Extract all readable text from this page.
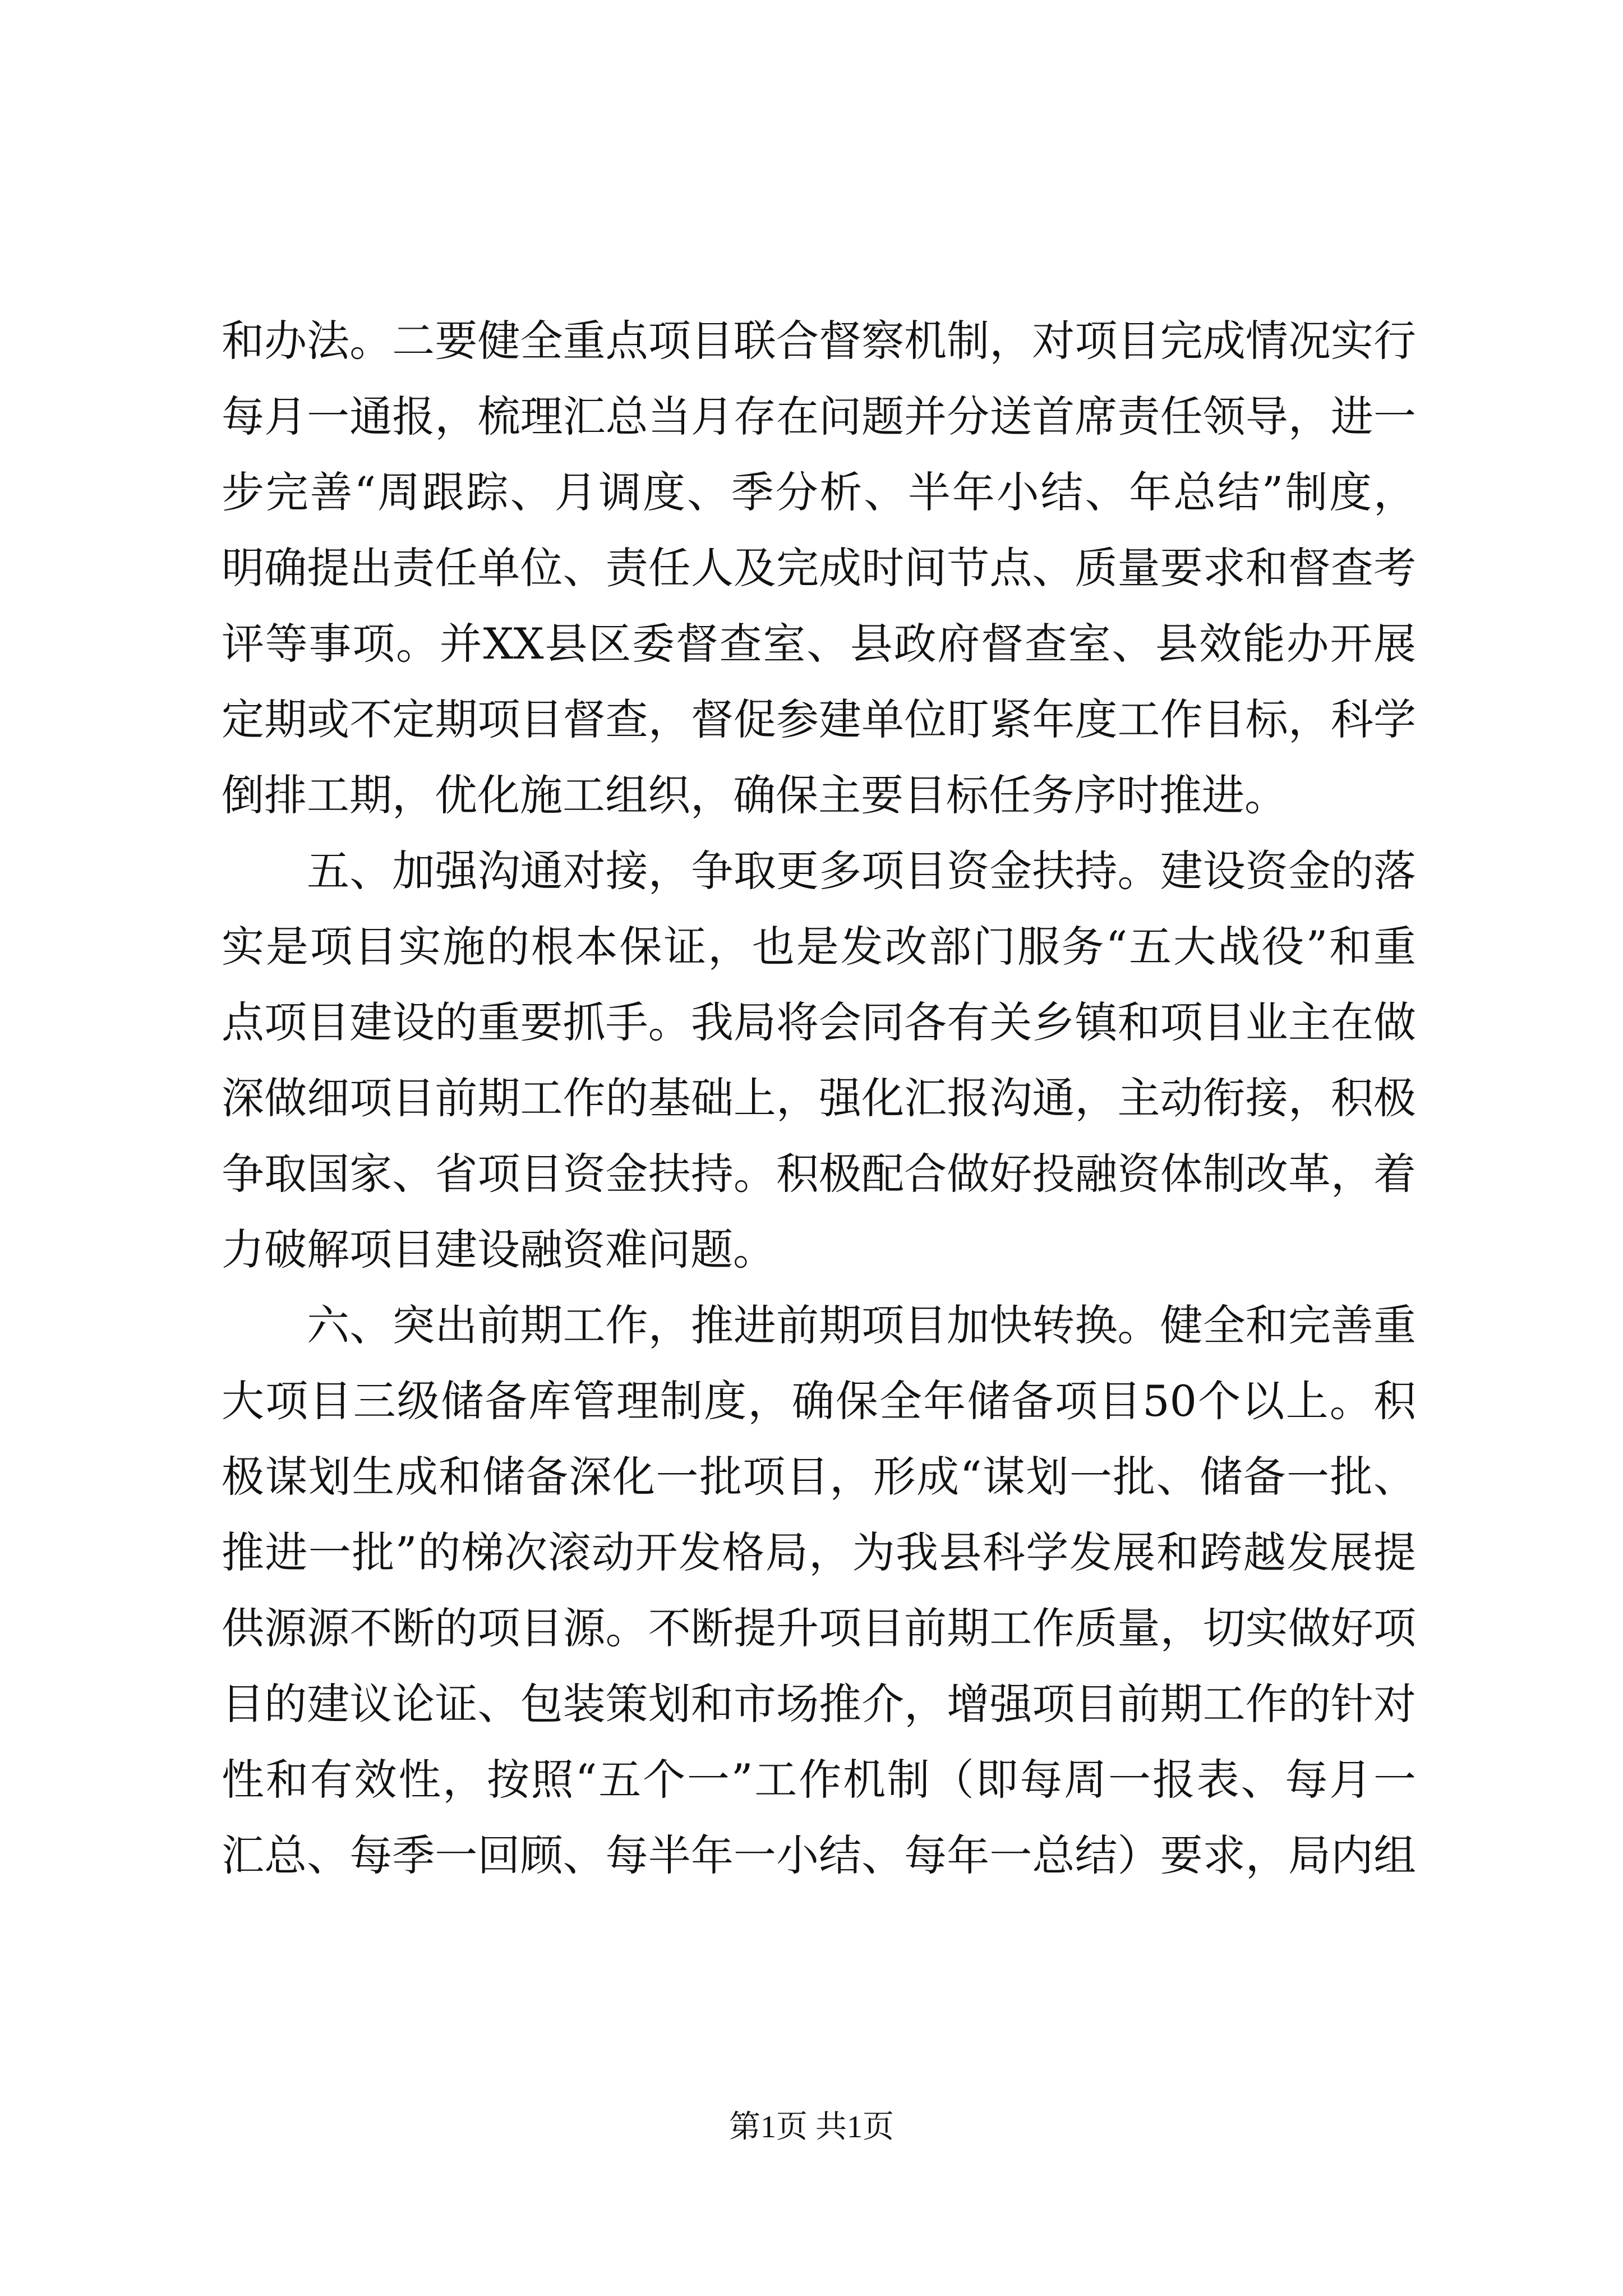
和办法。二要健全重点项目联合督察机制，对项目完成情况实行
每月一通报，梳理汇总当月存在问题并分送首席责任领导，进一
步完善“周跟踪、月调度、季分析、半年小结、年总结”制度，
明确提出责任单位、责任人及完成时间节点、质量要求和督查考
评等事项。并XX县区委督查室、县政府督查室、县效能办开展
定期或不定期项目督查，督促参建单位盯紧年度工作目标，科学
倒排工期，优化施工组织，确保主要目标任务序时推进。
　　五、加强沟通对接，争取更多项目资金扶持。建设资金的落
实是项目实施的根本保证，也是发改部门服务“五大战役”和重
点项目建设的重要抓手。我局将会同各有关乡镇和项目业主在做
深做细项目前期工作的基础上，强化汇报沟通，主动衔接，积极
争取国家、省项目资金扶持。积极配合做好投融资体制改革，着
力破解项目建设融资难问题。
　　六、突出前期工作，推进前期项目加快转换。健全和完善重
大项目三级储备库管理制度，确保全年储备项目50个以上。积
极谋划生成和储备深化一批项目，形成“谋划一批、储备一批、
推进一批”的梯次滚动开发格局，为我县科学发展和跨越发展提
供源源不断的项目源。不断提升项目前期工作质量，切实做好项
目的建议论证、包装策划和市场推介，增强项目前期工作的针对
性和有效性，按照“五个一”工作机制（即每周一报表、每月一
汇总、每季一回顾、每半年一小结、每年一总结）要求，局内组
第1页 共1页
